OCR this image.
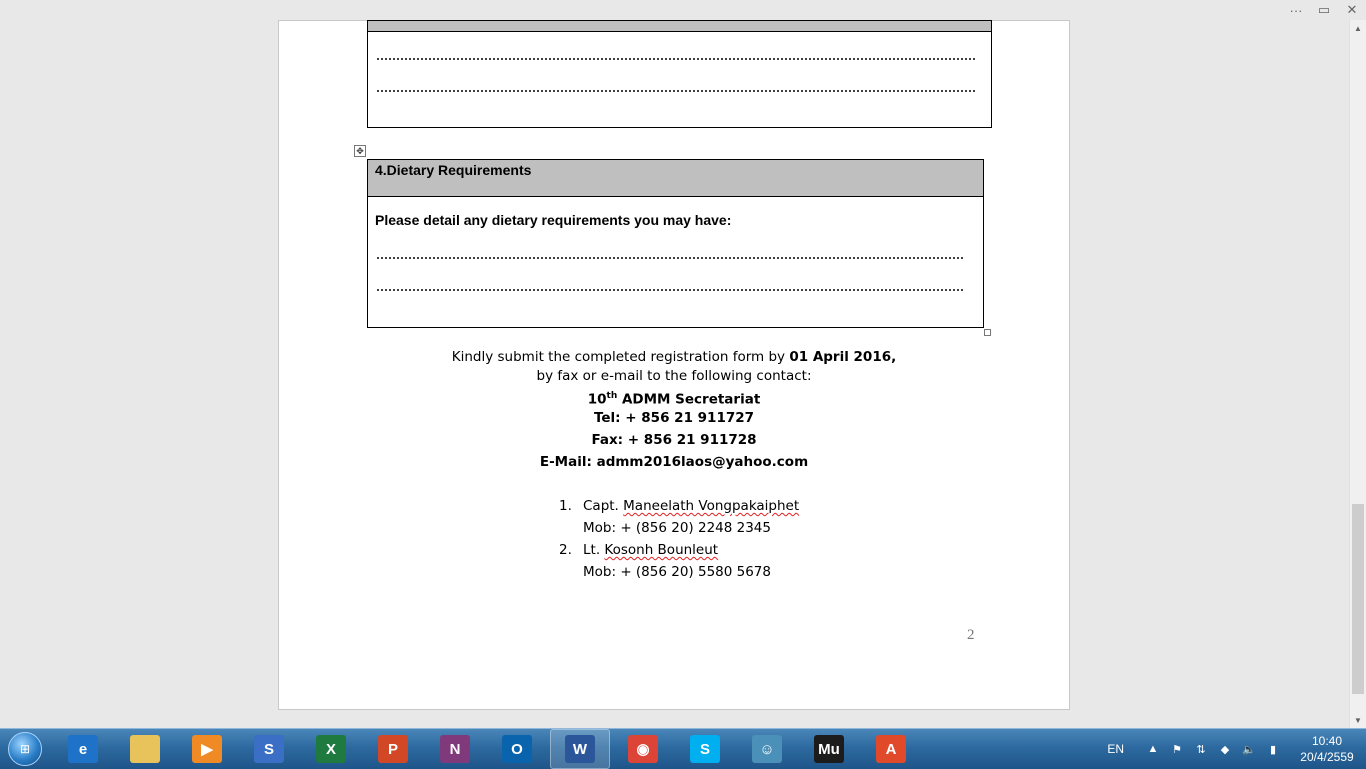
···	▭	✕
▲
▼
✥
4.Dietary Requirements
Please detail any dietary requirements you may have:
Kindly submit the completed registration form by 01 April 2016,
by fax or e-mail to the following contact:
10th ADMM Secretariat
Tel: + 856 21 911727
Fax: + 856 21 911728
E-Mail: admm2016laos@yahoo.com
1. Capt. Maneelath Vongpakaiphet
Mob: + (856 20) 2248 2345
2. Lt. Kosonh Bounleut
Mob: + (856 20) 5580 5678
2
⊞	e	▶	S	X	P	N	O	W	◉	S	☺	Mu	A	EN	▲	⚑	⇅	◆	🔈	▮
10:40
20/4/2559
